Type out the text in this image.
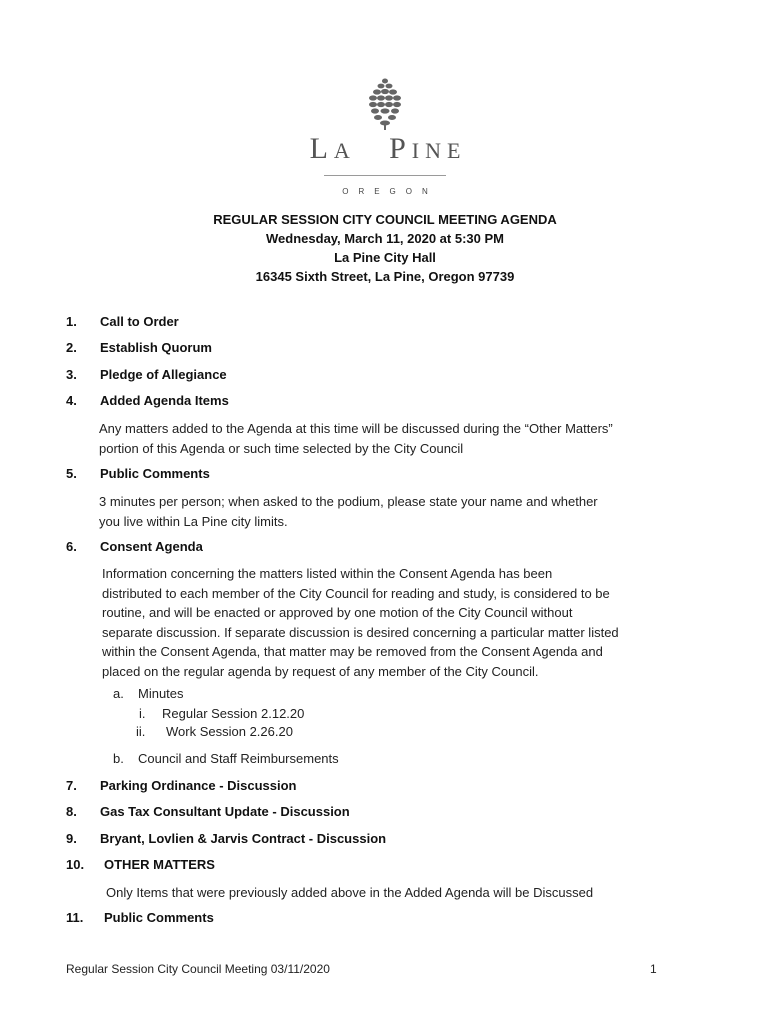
LA PINE
OREGON
REGULAR SESSION CITY COUNCIL MEETING AGENDA
Wednesday, March 11, 2020 at 5:30 PM
La Pine City Hall
16345 Sixth Street, La Pine, Oregon 97739
1. Call to Order
2. Establish Quorum
3. Pledge of Allegiance
4. Added Agenda Items
Any matters added to the Agenda at this time will be discussed during the “Other Matters”
portion of this Agenda or such time selected by the City Council
5. Public Comments
3 minutes per person; when asked to the podium, please state your name and whether
you live within La Pine city limits.
6. Consent Agenda
Information concerning the matters listed within the Consent Agenda has been
distributed to each member of the City Council for reading and study, is considered to be
routine, and will be enacted or approved by one motion of the City Council without
separate discussion. If separate discussion is desired concerning a particular matter listed
within the Consent Agenda, that matter may be removed from the Consent Agenda and
placed on the regular agenda by request of any member of the City Council.
a. Minutes
i. Regular Session 2.12.20
ii. Work Session 2.26.20
b. Council and Staff Reimbursements
7. Parking Ordinance - Discussion
8. Gas Tax Consultant Update - Discussion
9. Bryant, Lovlien & Jarvis Contract - Discussion
10. OTHER MATTERS
Only Items that were previously added above in the Added Agenda will be Discussed
11. Public Comments
Regular Session City Council Meeting 03/11/2020	1
